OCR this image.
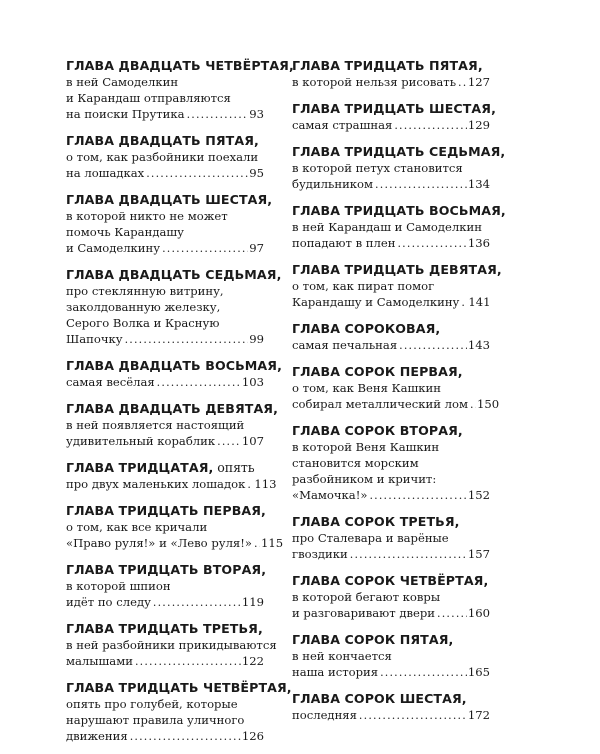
ГЛАВА ДВАДЦАТЬ ЧЕТВЁРТАЯ,
в ней Самоделкин
и Карандаш отправляются
на поиски Прутика .....	93
ГЛАВА ДВАДЦАТЬ ПЯТАЯ,
о том, как разбойники поехали
на лошадках .....	95
ГЛАВА ДВАДЦАТЬ ШЕСТАЯ,
в которой никто не может
помочь Карандашу
и Самоделкину .....	97
ГЛАВА ДВАДЦАТЬ СЕДЬМАЯ,
про стеклянную витрину,
заколдованную железку,
Серого Волка и Красную
Шапочку .....	99
ГЛАВА ДВАДЦАТЬ ВОСЬМАЯ,
самая весёлая .....	103
ГЛАВА ДВАДЦАТЬ ДЕВЯТАЯ,
в ней появляется настоящий
удивительный кораблик ..... 107
ГЛАВА ТРИДЦАТАЯ, опять
про двух маленьких лошадок ..... 113
ГЛАВА ТРИДЦАТЬ ПЕРВАЯ,
о том, как все кричали
«Право руля!» и «Лево руля!» ..... 115
ГЛАВА ТРИДЦАТЬ ВТОРАЯ,
в которой шпион
идёт по следу .....	119
ГЛАВА ТРИДЦАТЬ ТРЕТЬЯ,
в ней разбойники прикидываются
малышами .....	122
ГЛАВА ТРИДЦАТЬ ЧЕТВЁРТАЯ,
опять про голубей, которые
нарушают правила уличного
движения .....	126
ГЛАВА ТРИДЦАТЬ ПЯТАЯ,
в которой нельзя рисовать ..... 127
ГЛАВА ТРИДЦАТЬ ШЕСТАЯ,
самая страшная .....	129
ГЛАВА ТРИДЦАТЬ СЕДЬМАЯ,
в которой петух становится
будильником .....	134
ГЛАВА ТРИДЦАТЬ ВОСЬМАЯ,
в ней Карандаш и Самоделкин
попадают в плен .....	136
ГЛАВА ТРИДЦАТЬ ДЕВЯТАЯ,
о том, как пират помог
Карандашу и Самоделкину ..... 141
ГЛАВА СОРОКОВАЯ,
самая печальная .....	143
ГЛАВА СОРОК ПЕРВАЯ,
о том, как Веня Кашкин
собирал металлический лом ..... 150
ГЛАВА СОРОК ВТОРАЯ,
в которой Веня Кашкин
становится морским
разбойником и кричит:
«Мамочка!» .....	152
ГЛАВА СОРОК ТРЕТЬЯ,
про Сталевара и варёные
гвоздики .....	157
ГЛАВА СОРОК ЧЕТВЁРТАЯ,
в которой бегают ковры
и разговаривают двери .....	160
ГЛАВА СОРОК ПЯТАЯ,
в ней кончается
наша история .....	165
ГЛАВА СОРОК ШЕСТАЯ,
последняя .....	172
